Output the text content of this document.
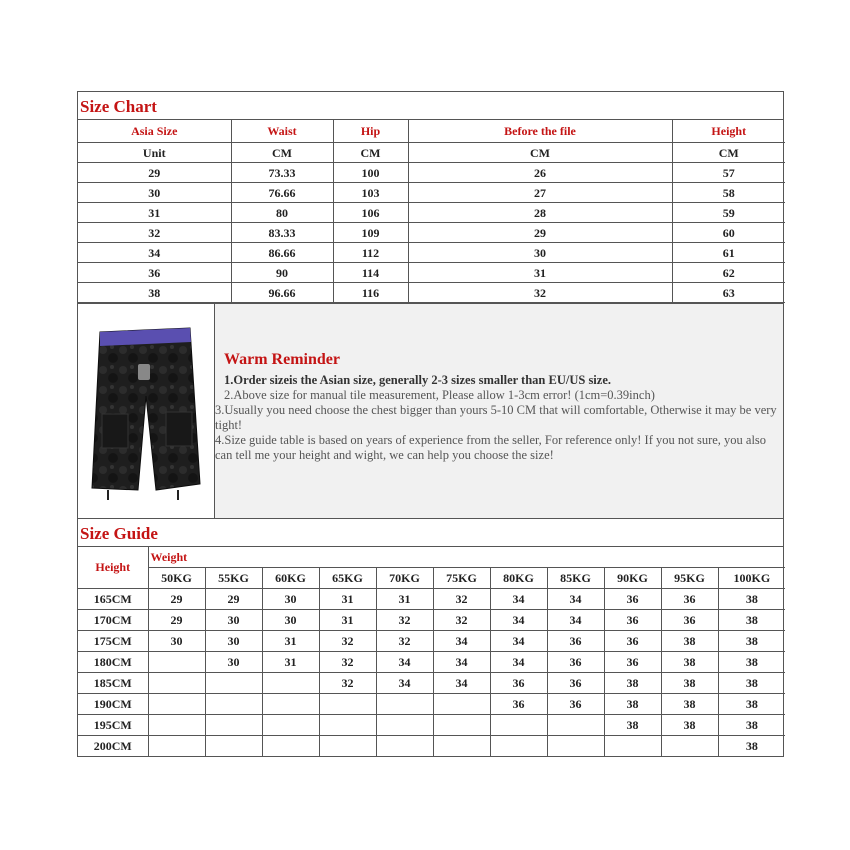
Size Chart
Asia Size	Waist	Hip	Before the file	Height
Unit	CM	CM	CM	CM
29	73.33	100	26	57
30	76.66	103	27	58
31	80	106	28	59
32	83.33	109	29	60
34	86.66	112	30	61
36	90	114	31	62
38	96.66	116	32	63
Warm Reminder
1.Order sizeis the Asian size, generally 2-3 sizes smaller than EU/US size.
2.Above size for manual tile measurement, Please allow 1-3cm error! (1cm=0.39inch)
3.Usually you need choose the chest bigger than yours 5-10 CM that will comfortable, Otherwise it may be very tight!
4.Size guide table is based on years of experience from the seller, For reference only! If you not sure, you also can tell me your height and wight, we can help you choose the size!
Size Guide
Height	Weight										
	50KG	55KG	60KG	65KG	70KG	75KG	80KG	85KG	90KG	95KG	100KG
165CM	29	29	30	31	31	32	34	34	36	36	38
170CM	29	30	30	31	32	32	34	34	36	36	38
175CM	30	30	31	32	32	34	34	36	36	38	38
180CM		30	31	32	34	34	34	36	36	38	38
185CM				32	34	34	36	36	38	38	38
190CM							36	36	38	38	38
195CM									38	38	38
200CM											38
